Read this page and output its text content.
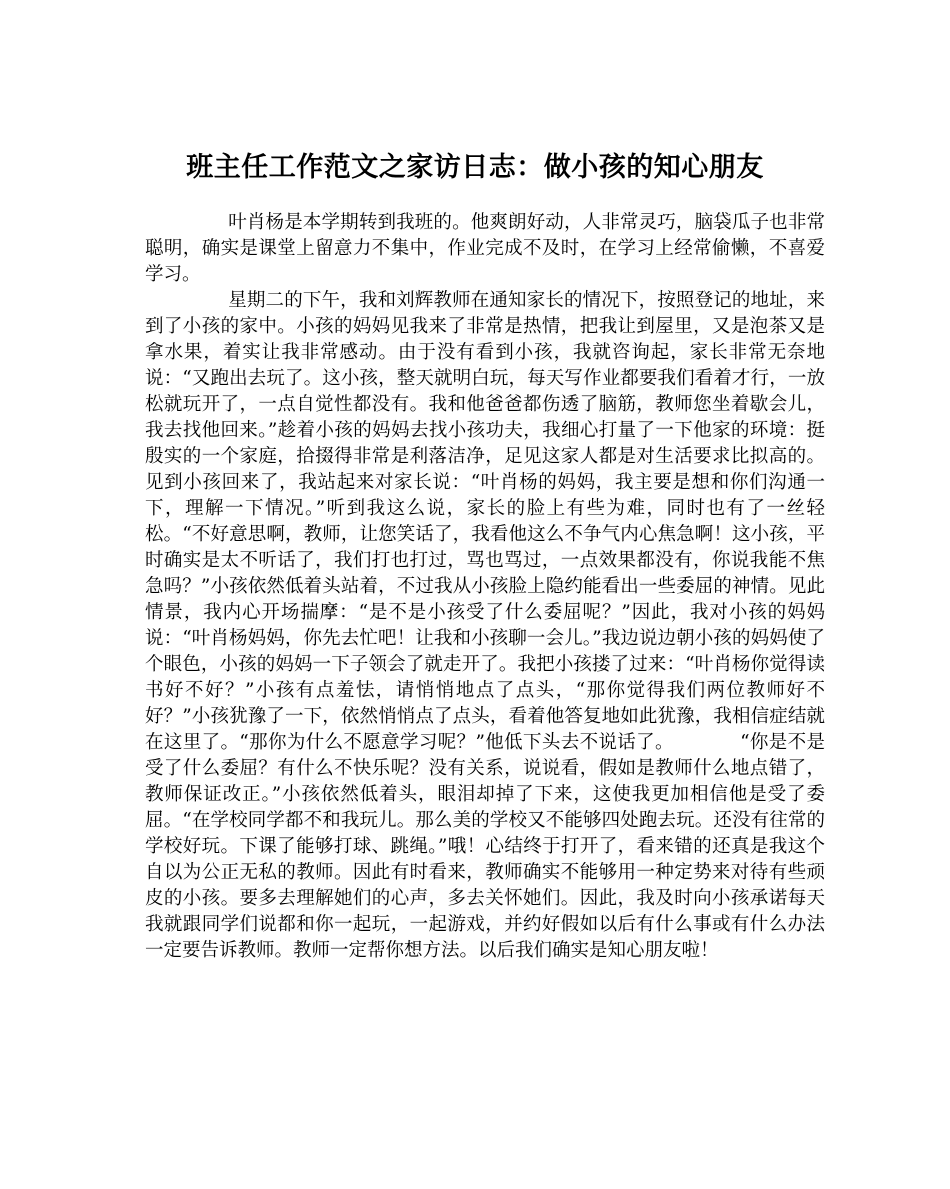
班主任工作范文之家访日志：做小孩的知心朋友

叶肖杨是本学期转到我班的。他爽朗好动，人非常灵巧，脑袋瓜子也非常聪明，确实是课堂上留意力不集中，作业完成不及时，在学习上经常偷懒，不喜爱学习。

星期二的下午，我和刘辉教师在通知家长的情况下，按照登记的地址，来到了小孩的家中。小孩的妈妈见我来了非常是热情，把我让到屋里，又是泡茶又是拿水果，着实让我非常感动。由于没有看到小孩，我就咨询起，家长非常无奈地说：“又跑出去玩了。这小孩，整天就明白玩，每天写作业都要我们看着才行，一放松就玩开了，一点自觉性都没有。我和他爸爸都伤透了脑筋，教师您坐着歇会儿，我去找他回来。”趁着小孩的妈妈去找小孩功夫，我细心打量了一下他家的环境：挺殷实的一个家庭，拾掇得非常是利落洁净，足见这家人都是对生活要求比拟高的。见到小孩回来了，我站起来对家长说：“叶肖杨的妈妈，我主要是想和你们沟通一下，理解一下情况。”听到我这么说，家长的脸上有些为难，同时也有了一丝轻松。“不好意思啊，教师，让您笑话了，我看他这么不争气内心焦急啊！这小孩，平时确实是太不听话了，我们打也打过，骂也骂过，一点效果都没有，你说我能不焦急吗？”小孩依然低着头站着，不过我从小孩脸上隐约能看出一些委屈的神情。见此情景，我内心开场揣摩：“是不是小孩受了什么委屈呢？”因此，我对小孩的妈妈说：“叶肖杨妈妈，你先去忙吧！让我和小孩聊一会儿。”我边说边朝小孩的妈妈使了个眼色，小孩的妈妈一下子领会了就走开了。我把小孩搂了过来：“叶肖杨你觉得读书好不好？”小孩有点羞怯，请悄悄地点了点头，“那你觉得我们两位教师好不好？”小孩犹豫了一下，依然悄悄点了点头，看着他答复地如此犹豫，我相信症结就在这里了。“那你为什么不愿意学习呢？”他低下头去不说话了。　　　　“你是不是受了什么委屈？有什么不快乐呢？没有关系，说说看，假如是教师什么地点错了，教师保证改正。”小孩依然低着头，眼泪却掉了下来，这使我更加相信他是受了委屈。“在学校同学都不和我玩儿。那么美的学校又不能够四处跑去玩。还没有往常的学校好玩。下课了能够打球、跳绳。”哦！心结终于打开了，看来错的还真是我这个自以为公正无私的教师。因此有时看来，教师确实不能够用一种定势来对待有些顽皮的小孩。要多去理解她们的心声，多去关怀她们。因此，我及时向小孩承诺每天我就跟同学们说都和你一起玩，一起游戏，并约好假如以后有什么事或有什么办法一定要告诉教师。教师一定帮你想方法。以后我们确实是知心朋友啦！
